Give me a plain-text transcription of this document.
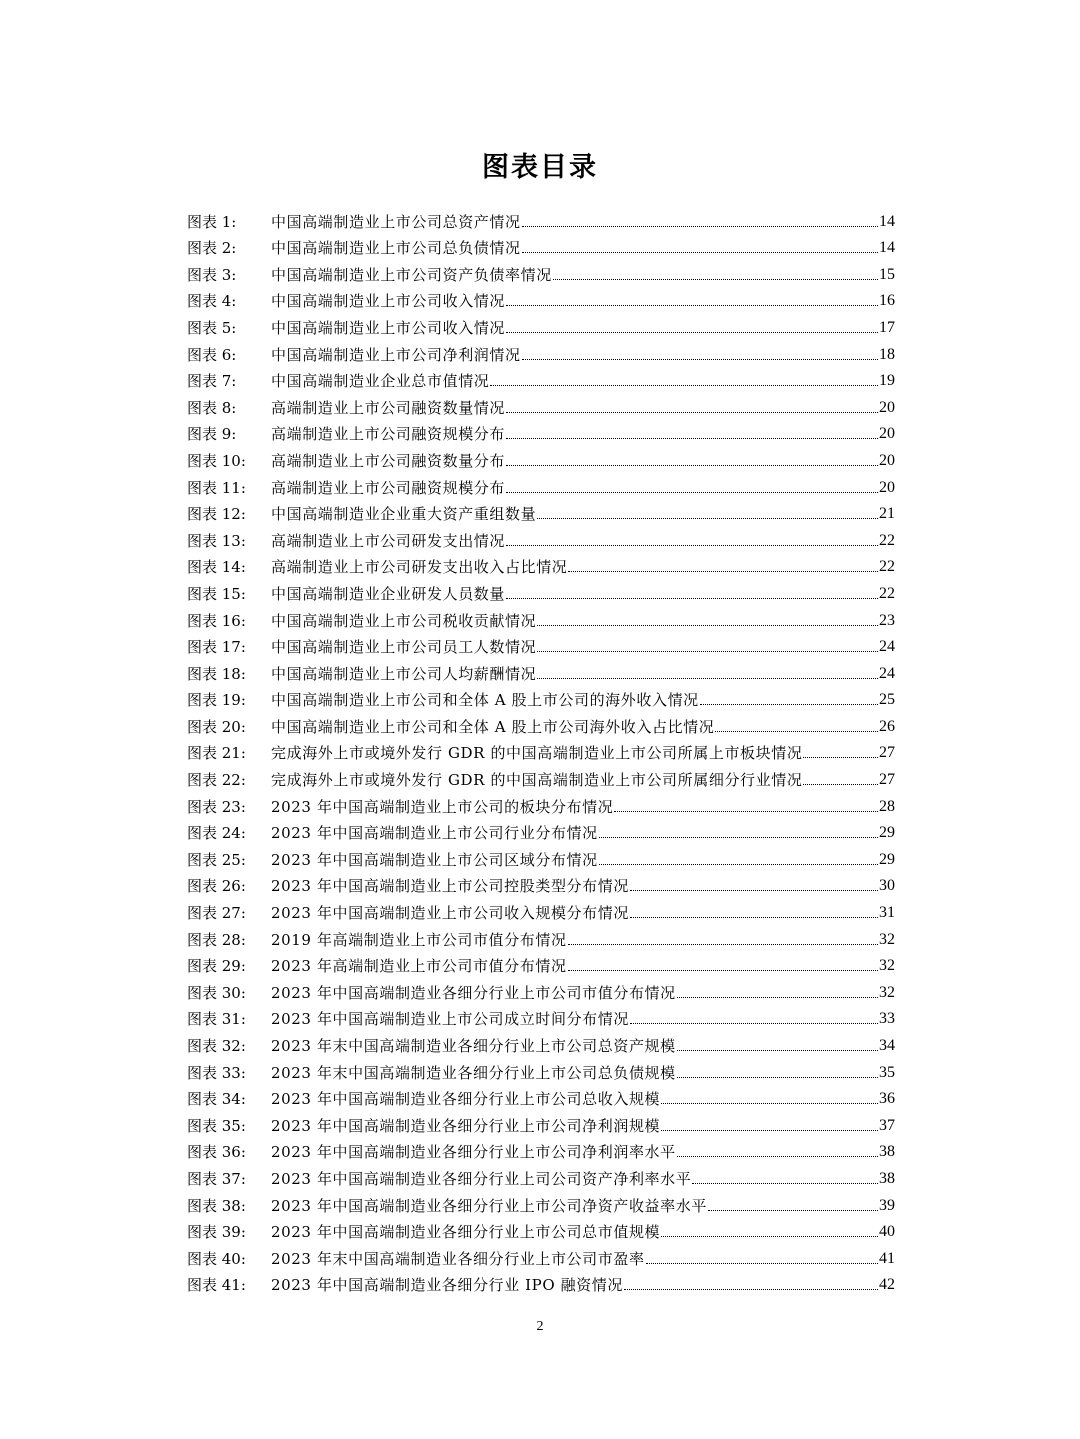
图表目录
图表 1:	中国高端制造业上市公司总资产情况	14
图表 2:	中国高端制造业上市公司总负债情况	14
图表 3:	中国高端制造业上市公司资产负债率情况	15
图表 4:	中国高端制造业上市公司收入情况	16
图表 5:	中国高端制造业上市公司收入情况	17
图表 6:	中国高端制造业上市公司净利润情况	18
图表 7:	中国高端制造业企业总市值情况	19
图表 8:	高端制造业上市公司融资数量情况	20
图表 9:	高端制造业上市公司融资规模分布	20
图表 10:	高端制造业上市公司融资数量分布	20
图表 11:	高端制造业上市公司融资规模分布	20
图表 12:	中国高端制造业企业重大资产重组数量	21
图表 13:	高端制造业上市公司研发支出情况	22
图表 14:	高端制造业上市公司研发支出收入占比情况	22
图表 15:	中国高端制造业企业研发人员数量	22
图表 16:	中国高端制造业上市公司税收贡献情况	23
图表 17:	中国高端制造业上市公司员工人数情况	24
图表 18:	中国高端制造业上市公司人均薪酬情况	24
图表 19:	中国高端制造业上市公司和全体 A 股上市公司的海外收入情况	25
图表 20:	中国高端制造业上市公司和全体 A 股上市公司海外收入占比情况	26
图表 21:	完成海外上市或境外发行 GDR 的中国高端制造业上市公司所属上市板块情况	27
图表 22:	完成海外上市或境外发行 GDR 的中国高端制造业上市公司所属细分行业情况	27
图表 23:	2023 年中国高端制造业上市公司的板块分布情况	28
图表 24:	2023 年中国高端制造业上市公司行业分布情况	29
图表 25:	2023 年中国高端制造业上市公司区域分布情况	29
图表 26:	2023 年中国高端制造业上市公司控股类型分布情况	30
图表 27:	2023 年中国高端制造业上市公司收入规模分布情况	31
图表 28:	2019 年高端制造业上市公司市值分布情况	32
图表 29:	2023 年高端制造业上市公司市值分布情况	32
图表 30:	2023 年中国高端制造业各细分行业上市公司市值分布情况	32
图表 31:	2023 年中国高端制造业上市公司成立时间分布情况	33
图表 32:	2023 年末中国高端制造业各细分行业上市公司总资产规模	34
图表 33:	2023 年末中国高端制造业各细分行业上市公司总负债规模	35
图表 34:	2023 年中国高端制造业各细分行业上市公司总收入规模	36
图表 35:	2023 年中国高端制造业各细分行业上市公司净利润规模	37
图表 36:	2023 年中国高端制造业各细分行业上市公司净利润率水平	38
图表 37:	2023 年中国高端制造业各细分行业上司公司资产净利率水平	38
图表 38:	2023 年中国高端制造业各细分行业上市公司净资产收益率水平	39
图表 39:	2023 年中国高端制造业各细分行业上市公司总市值规模	40
图表 40:	2023 年末中国高端制造业各细分行业上市公司市盈率	41
图表 41:	2023 年中国高端制造业各细分行业 IPO 融资情况	42
2
